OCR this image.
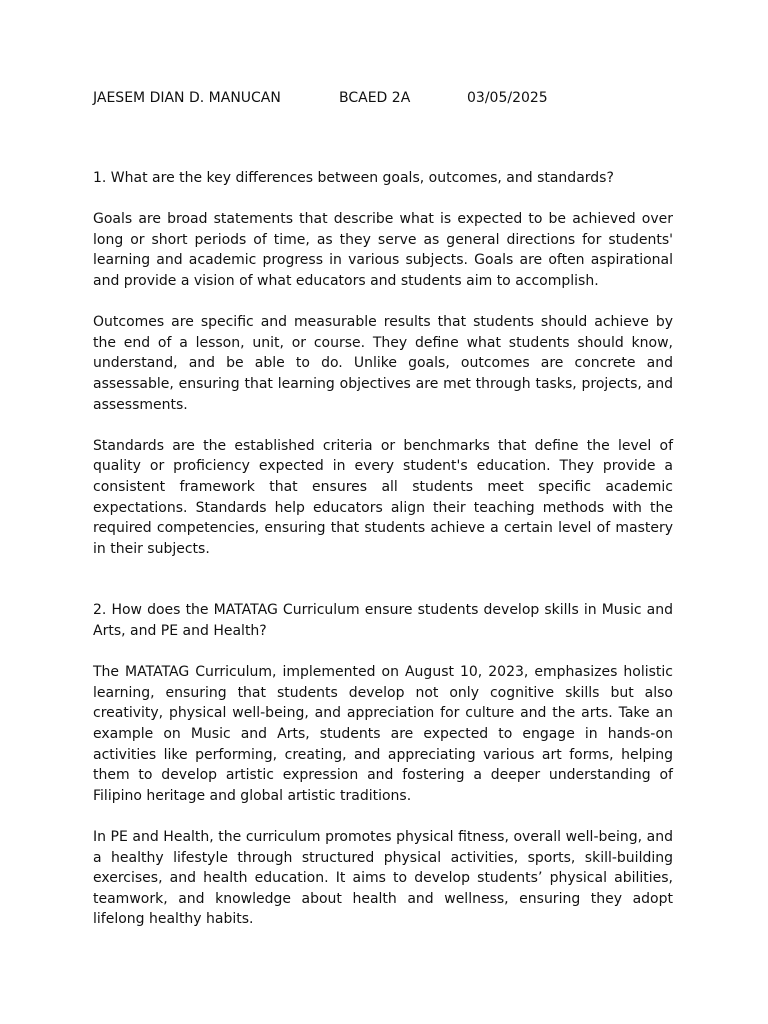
JAESEM DIAN D. MANUCAN	BCAED 2A	03/05/2025

1. What are the key differences between goals, outcomes, and standards?

Goals are broad statements that describe what is expected to be achieved over long or short periods of time, as they serve as general directions for students' learning and academic progress in various subjects. Goals are often aspirational and provide a vision of what educators and students aim to accomplish.

Outcomes are specific and measurable results that students should achieve by the end of a lesson, unit, or course. They define what students should know, understand, and be able to do. Unlike goals, outcomes are concrete and assessable, ensuring that learning objectives are met through tasks, projects, and assessments.

Standards are the established criteria or benchmarks that define the level of quality or proficiency expected in every student's education. They provide a consistent framework that ensures all students meet specific academic expectations. Standards help educators align their teaching methods with the required competencies, ensuring that students achieve a certain level of mastery in their subjects.

2. How does the MATATAG Curriculum ensure students develop skills in Music and Arts, and PE and Health?

The MATATAG Curriculum, implemented on August 10, 2023, emphasizes holistic learning, ensuring that students develop not only cognitive skills but also creativity, physical well-being, and appreciation for culture and the arts. Take an example on Music and Arts, students are expected to engage in hands-on activities like performing, creating, and appreciating various art forms, helping them to develop artistic expression and fostering a deeper understanding of Filipino heritage and global artistic traditions.

In PE and Health, the curriculum promotes physical fitness, overall well-being, and a healthy lifestyle through structured physical activities, sports, skill-building exercises, and health education. It aims to develop students’ physical abilities, teamwork, and knowledge about health and wellness, ensuring they adopt lifelong healthy habits.
